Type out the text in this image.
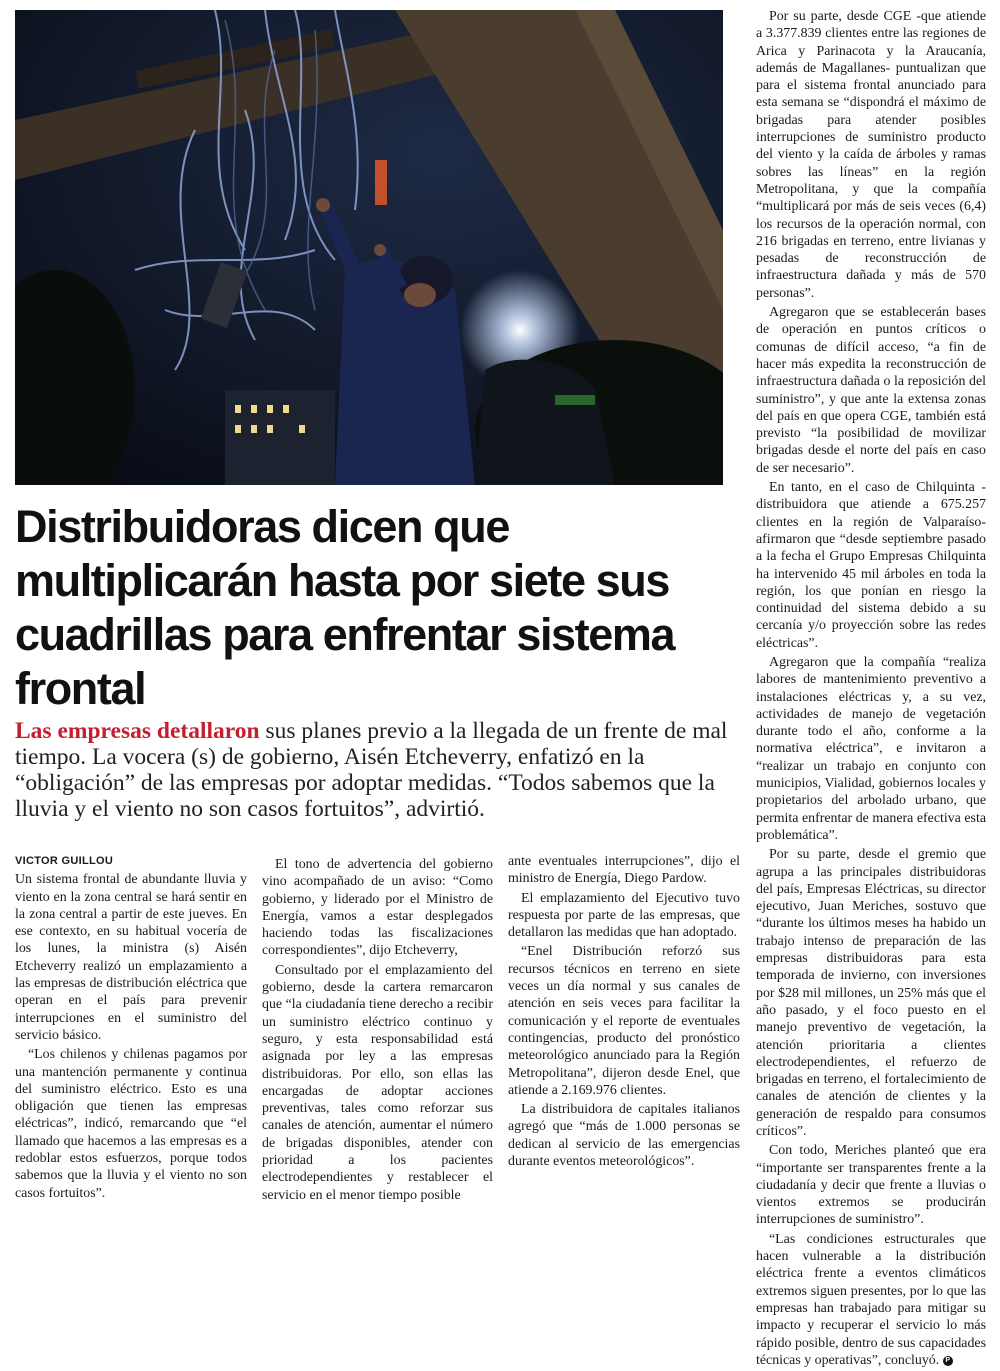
Distribuidoras dicen que multiplicarán hasta por siete sus cuadrillas para enfrentar sistema frontal

Las empresas detallaron sus planes previo a la llegada de un frente de mal tiempo. La vocera (s) de gobierno, Aisén Etcheverry, enfatizó en la “obligación” de las empresas por adoptar medidas. “Todos sabemos que la lluvia y el viento no son casos fortuitos”, advirtió.

VICTOR GUILLOU

Un sistema frontal de abundante lluvia y viento en la zona central se hará sentir en la zona central a partir de este jueves. En ese contexto, en su habitual vocería de los lunes, la ministra (s) Aisén Etcheverry realizó un emplazamiento a las empresas de distribución eléctrica que operan en el país para prevenir interrupciones en el suministro del servicio básico.

“Los chilenos y chilenas pagamos por una mantención permanente y continua del suministro eléctrico. Esto es una obligación que tienen las empresas eléctricas”, indicó, remarcando que “el llamado que hacemos a las empresas es a redoblar estos esfuerzos, porque todos sabemos que la lluvia y el viento no son casos fortuitos”.

El tono de advertencia del gobierno vino acompañado de un aviso: “Como gobierno, y liderado por el Ministro de Energía, vamos a estar desplegados haciendo todas las fiscalizaciones correspondientes”, dijo Etcheverry,

Consultado por el emplazamiento del gobierno, desde la cartera remarcaron que “la ciudadanía tiene derecho a recibir un suministro eléctrico continuo y seguro, y esta responsabilidad está asignada por ley a las empresas distribuidoras. Por ello, son ellas las encargadas de adoptar acciones preventivas, tales como reforzar sus canales de atención, aumentar el número de brigadas disponibles, atender con prioridad a los pacientes electrodependientes y restablecer el servicio en el menor tiempo posible

ante eventuales interrupciones”, dijo el ministro de Energía, Diego Pardow.

El emplazamiento del Ejecutivo tuvo respuesta por parte de las empresas, que detallaron las medidas que han adoptado.

“Enel Distribución reforzó sus recursos técnicos en terreno en siete veces un día normal y sus canales de atención en seis veces para facilitar la comunicación y el reporte de eventuales contingencias, producto del pronóstico meteorológico anunciado para la Región Metropolitana”, dijeron desde Enel, que atiende a 2.169.976 clientes.

La distribuidora de capitales italianos agregó que “más de 1.000 personas se dedican al servicio de las emergencias durante eventos meteorológicos”.

Por su parte, desde CGE -que atiende a 3.377.839 clientes entre las regiones de Arica y Parinacota y la Araucanía, además de Magallanes- puntualizan que para el sistema frontal anunciado para esta semana se “dispondrá el máximo de brigadas para atender posibles interrupciones de suministro producto del viento y la caída de árboles y ramas sobres las líneas” en la región Metropolitana, y que la compañía “multiplicará por más de seis veces (6,4) los recursos de la operación normal, con 216 brigadas en terreno, entre livianas y pesadas de reconstrucción de infraestructura dañada y más de 570 personas”.

Agregaron que se establecerán bases de operación en puntos críticos o comunas de difícil acceso, “a fin de hacer más expedita la reconstrucción de infraestructura dañada o la reposición del suministro”, y que ante la extensa zonas del país en que opera CGE, también está previsto “la posibilidad de movilizar brigadas desde el norte del país en caso de ser necesario”.

En tanto, en el caso de Chilquinta -distribuidora que atiende a 675.257 clientes en la región de Valparaíso- afirmaron que “desde septiembre pasado a la fecha el Grupo Empresas Chilquinta ha intervenido 45 mil árboles en toda la región, los que ponían en riesgo la continuidad del sistema debido a su cercanía y/o proyección sobre las redes eléctricas”.

Agregaron que la compañía “realiza labores de mantenimiento preventivo a instalaciones eléctricas y, a su vez, actividades de manejo de vegetación durante todo el año, conforme a la normativa eléctrica”, e invitaron a “realizar un trabajo en conjunto con municipios, Vialidad, gobiernos locales y propietarios del arbolado urbano, que permita enfrentar de manera efectiva esta problemática”.

Por su parte, desde el gremio que agrupa a las principales distribuidoras del país, Empresas Eléctricas, su director ejecutivo, Juan Meriches, sostuvo que “durante los últimos meses ha habido un trabajo intenso de preparación de las empresas distribuidoras para esta temporada de invierno, con inversiones por $28 mil millones, un 25% más que el año pasado, y el foco puesto en el manejo preventivo de vegetación, la atención prioritaria a clientes electrodependientes, el refuerzo de brigadas en terreno, el fortalecimiento de canales de atención de clientes y la generación de respaldo para consumos críticos”.

Con todo, Meriches planteó que era “importante ser transparentes frente a la ciudadanía y decir que frente a lluvias o vientos extremos se producirán interrupciones de suministro”.

“Las condiciones estructurales que hacen vulnerable a la distribución eléctrica frente a eventos climáticos extremos siguen presentes, por lo que las empresas han trabajado para mitigar su impacto y recuperar el servicio lo más rápido posible, dentro de sus capacidades técnicas y operativas”, concluyó. P
